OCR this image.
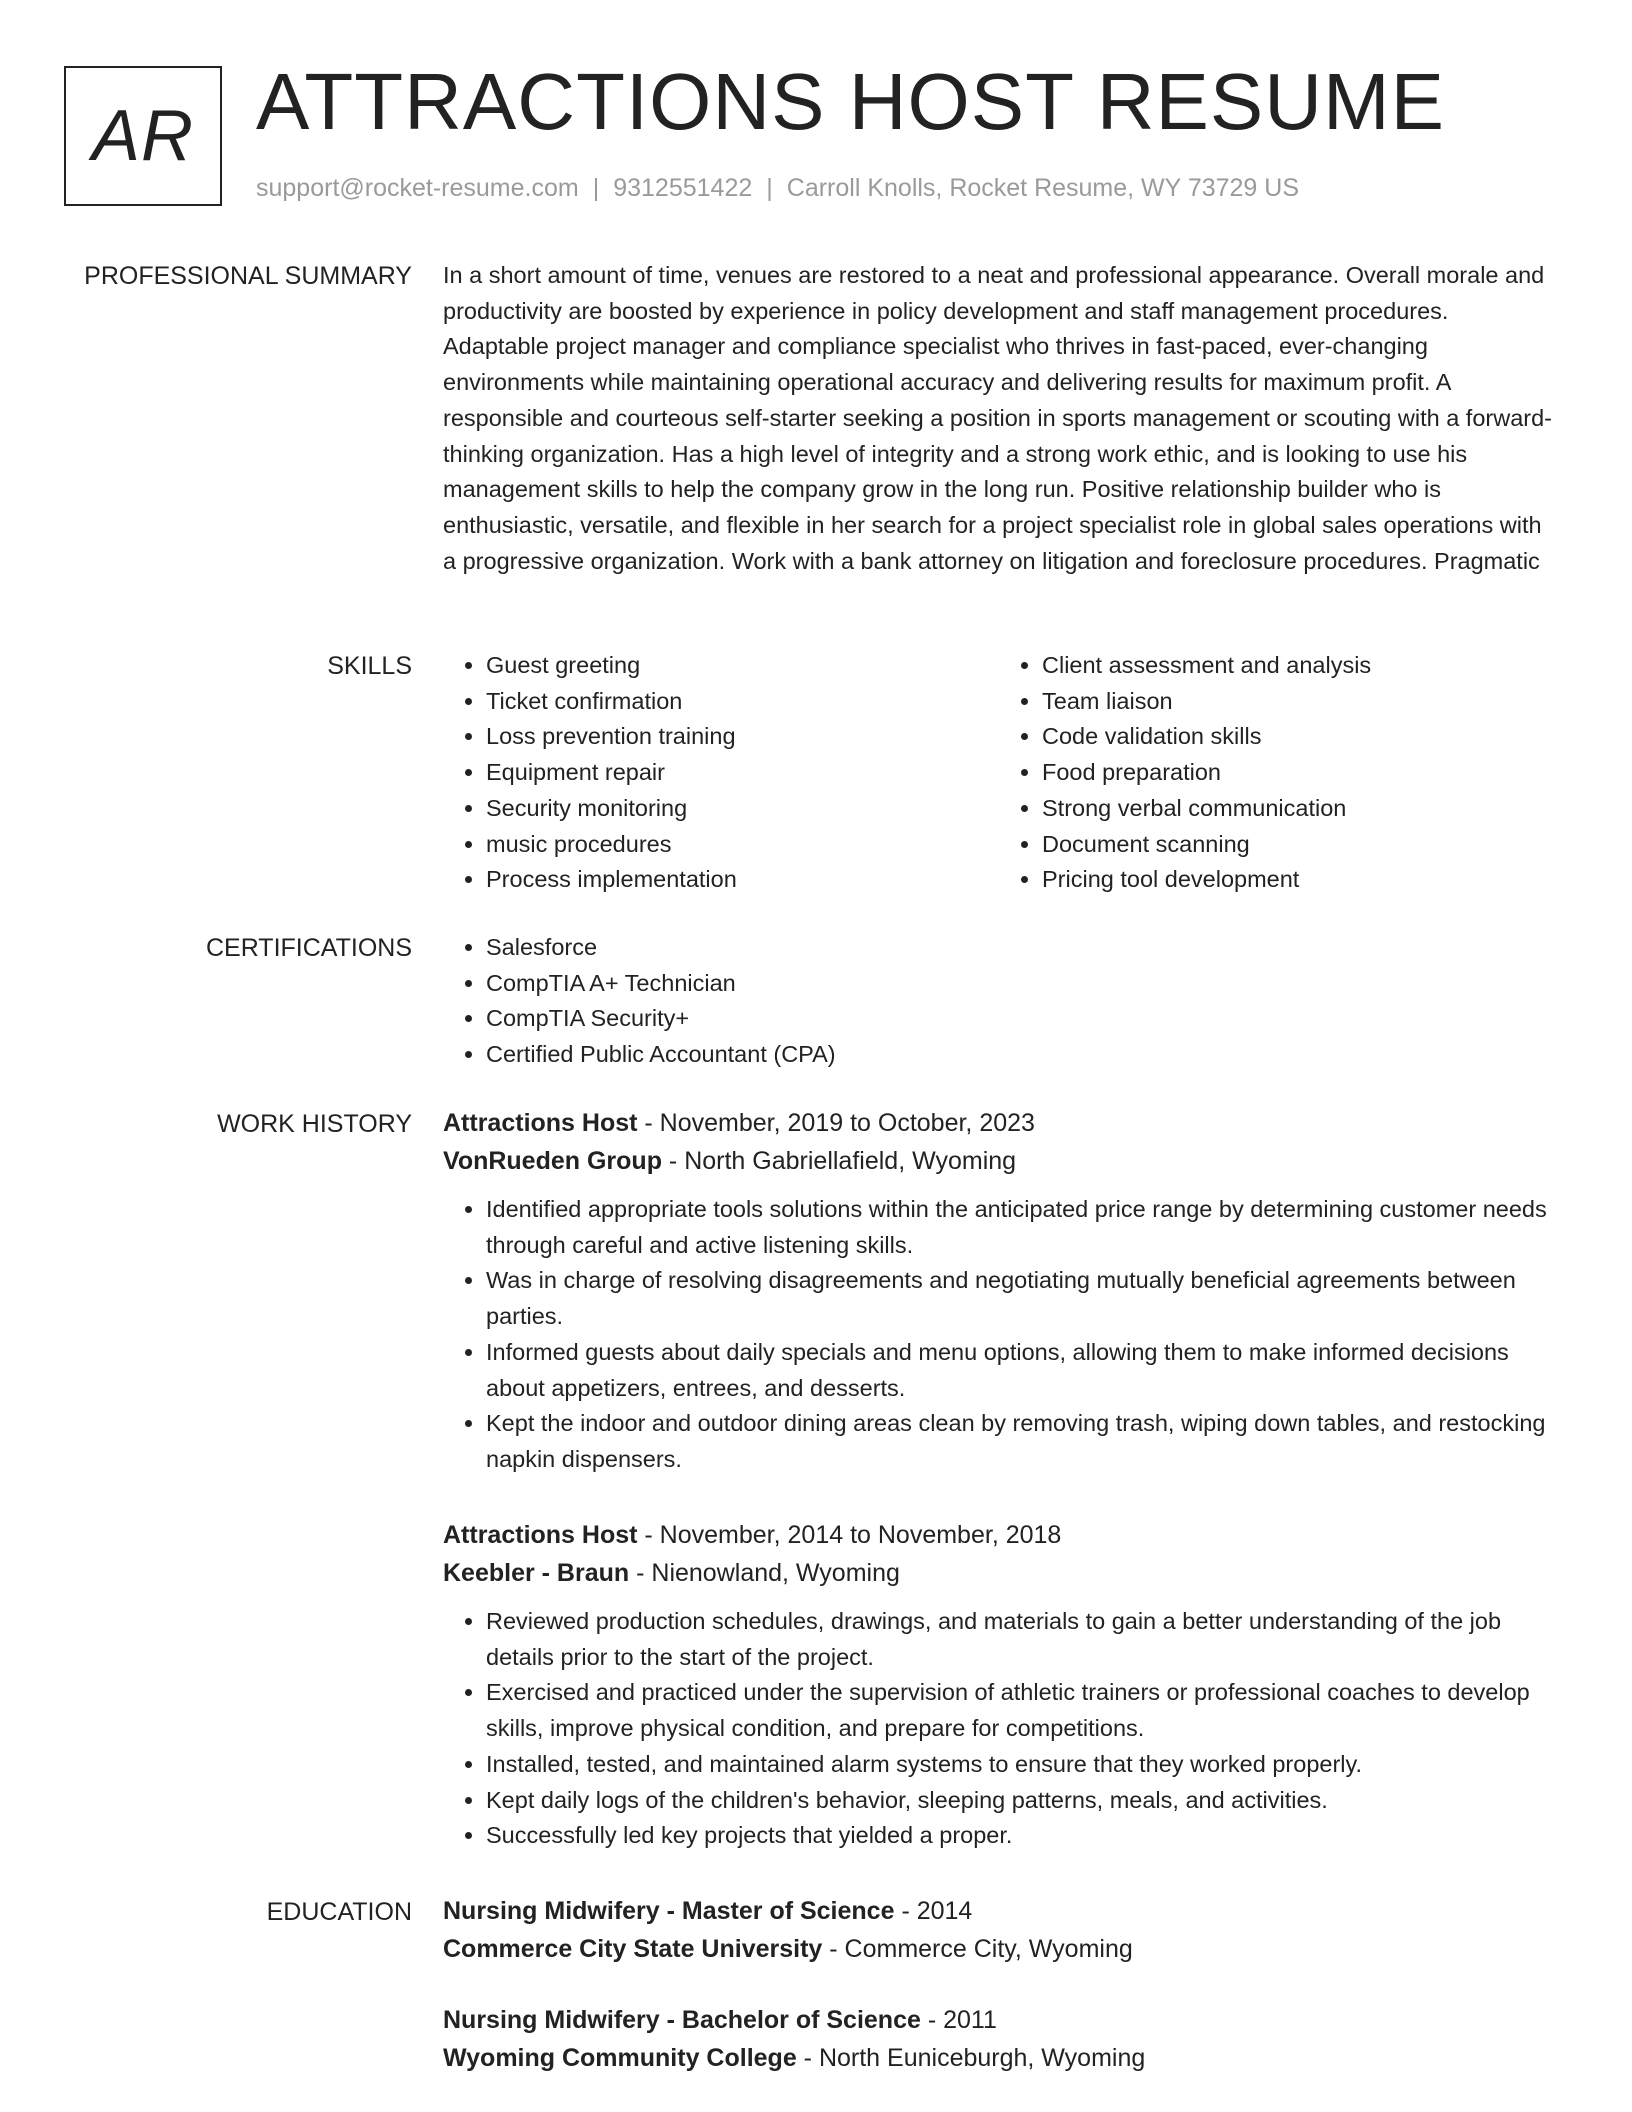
AR ATTRACTIONS HOST RESUME
support@rocket-resume.com | 9312551422 | Carroll Knolls, Rocket Resume, WY 73729 US
PROFESSIONAL SUMMARY In a short amount of time, venues are restored to a neat and professional appearance. Overall morale and productivity are boosted by experience in policy development and staff management procedures. Adaptable project manager and compliance specialist who thrives in fast-paced, ever-changing environments while maintaining operational accuracy and delivering results for maximum profit. A responsible and courteous self-starter seeking a position in sports management or scouting with a forward-thinking organization. Has a high level of integrity and a strong work ethic, and is looking to use his management skills to help the company grow in the long run. Positive relationship builder who is enthusiastic, versatile, and flexible in her search for a project specialist role in global sales operations with a progressive organization. Work with a bank attorney on litigation and foreclosure procedures. Pragmatic

SKILLS	• Guest greeting
• Ticket confirmation
• Loss prevention training
• Equipment repair
• Security monitoring
• music procedures
• Process implementation
• Client assessment and analysis
• Team liaison
• Code validation skills
• Food preparation
• Strong verbal communication
• Document scanning
• Pricing tool development
CERTIFICATIONS	• Salesforce
• CompTIA A+ Technician
• CompTIA Security+
• Certified Public Accountant (CPA)
WORK HISTORY Attractions Host - November, 2019 to October, 2023
VonRueden Group - North Gabriellafield, Wyoming
• Identified appropriate tools solutions within the anticipated price range by determining customer needs through careful and active listening skills.
• Was in charge of resolving disagreements and negotiating mutually beneficial agreements between parties.
• Informed guests about daily specials and menu options, allowing them to make informed decisions about appetizers, entrees, and desserts.
• Kept the indoor and outdoor dining areas clean by removing trash, wiping down tables, and restocking napkin dispensers.
Attractions Host - November, 2014 to November, 2018
Keebler - Braun - Nienowland, Wyoming
• Reviewed production schedules, drawings, and materials to gain a better understanding of the job details prior to the start of the project.
• Exercised and practiced under the supervision of athletic trainers or professional coaches to develop skills, improve physical condition, and prepare for competitions.
• Installed, tested, and maintained alarm systems to ensure that they worked properly.
• Kept daily logs of the children's behavior, sleeping patterns, meals, and activities.
• Successfully led key projects that yielded a proper.
EDUCATION Nursing Midwifery - Master of Science - 2014
Commerce City State University - Commerce City, Wyoming
Nursing Midwifery - Bachelor of Science - 2011
Wyoming Community College - North Euniceburgh, Wyoming
